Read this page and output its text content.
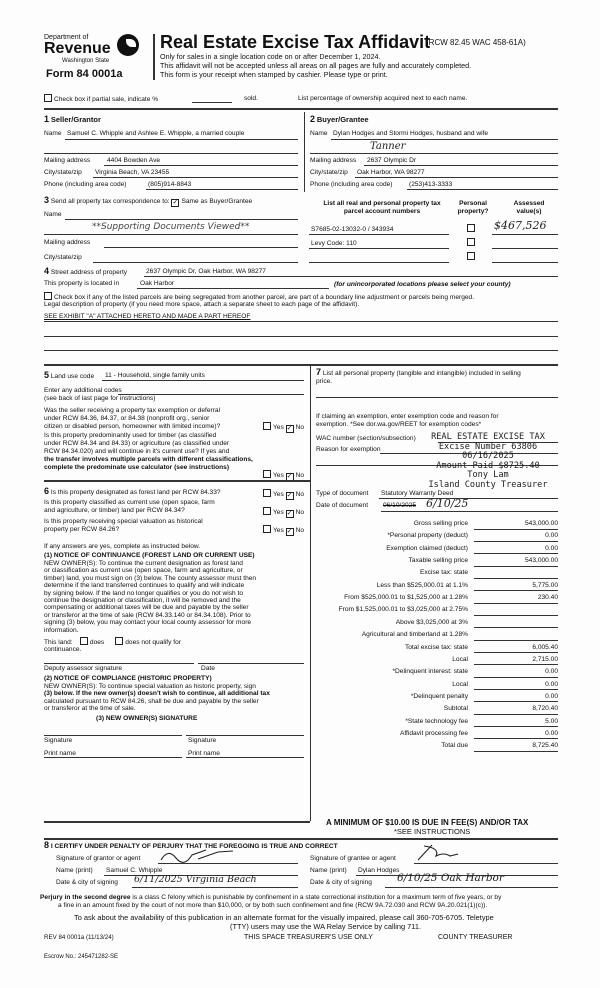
Department of
Revenue
Washington State
Form 84 0001a
Real Estate Excise Tax Affidavit
(RCW 82.45 WAC 458-61A)
Only for sales in a single location code on or after December 1, 2024.
This affidavit will not be accepted unless all areas on all pages are fully and accurately completed.
This form is your receipt when stamped by cashier. Please type or print.
Check box if partial sale, indicate %	sold.	List percentage of ownership acquired next to each name.
1 Seller/Grantor
Name Samuel C. Whipple and Ashlee E. Whipple, a married couple
Mailing address	4404 Bowden Ave
City/state/zip Virginia Beach, VA 23455
Phone (including area code)	(805)914-8843
2 Buyer/Grantee
Name Dylan Hodges and Stormi Hodges, husband and wife
Tanner
Mailing address 2637 Olympic Dr
City/state/zip Oak Harbor, WA 98277
Phone (including area code)	(253)413-3333
3 Send all property tax correspondence to: ✓ Same as Buyer/Grantee
Name
**Supporting Documents Viewed**
Mailing address
City/state/zip
List all real and personal property tax
parcel account numbers
Personal
property?
Assessed
value(s)
S7685-02-13032-0 / 343934	$467,526
Levy Code: 110
4 Street address of property	2637 Olympic Dr, Oak Harbor, WA 98277
This property is located in	Oak Harbor	(for unincorporated locations please select your county)
Check box if any of the listed parcels are being segregated from another parcel, are part of a boundary line adjustment or parcels being merged.
Legal description of property (if you need more space, attach a separate sheet to each page of the affidavit).
SEE EXHIBIT "A" ATTACHED HERETO AND MADE A PART HEREOF
5 Land use code 11 - Household, single family units
Enter any additional codes
(see back of last page for instructions)
Was the seller receiving a property tax exemption or deferral
under RCW 84.36, 84.37, or 84.38 (nonprofit org., senior
citizen or disabled person, homeowner with limited income)?	Yes ✓ No
Is this property predominantly used for timber (as classified
under RCW 84.34 and 84.33) or agriculture (as classified under
RCW 84.34.020) and will continue in it's current use? If yes and
the transfer involves multiple parcels with different classifications,
complete the predominate use calculator (see instructions)
Yes ✓ No
6 Is this property designated as forest land per RCW 84.33?	Yes ✓ No
Is this property classified as current use (open space, farm
and agriculture, or timber) land per RCW 84.34?	Yes ✓ No
Is this property receiving special valuation as historical
property per RCW 84.26?	Yes ✓ No
If any answers are yes, complete as instructed below.
(1) NOTICE OF CONTINUANCE (FOREST LAND OR CURRENT USE)
NEW OWNER(S): To continue the current designation as forest land
or classification as current use (open space, farm and agriculture, or
timber) land, you must sign on (3) below. The county assessor must then
determine if the land transferred continues to qualify and will indicate
by signing below. If the land no longer qualifies or you do not wish to
continue the designation or classification, it will be removed and the
compensating or additional taxes will be due and payable by the seller
or transferor at the time of sale (RCW 84.33.140 or 84.34.108). Prior to
signing (3) below, you may contact your local county assessor for more
information.
This land:	does	does not qualify for
continuance.
Deputy assessor signature	Date
(2) NOTICE OF COMPLIANCE (HISTORIC PROPERTY)
NEW OWNER(S): To continue special valuation as historic property, sign
(3) below. If the new owner(s) doesn't wish to continue, all additional tax
calculated pursuant to RCW 84.26, shall be due and payable by the seller
or transferor at the time of sale.
(3) NEW OWNER(S) SIGNATURE
Signature	Signature
Print name	Print name
7 List all personal property (tangible and intangible) included in selling
price.
If claiming an exemption, enter exemption code and reason for
exemption. *See dor.wa.gov/REET for exemption codes*
WAC number (section/subsection)
Reason for exemption
REAL ESTATE EXCISE TAX
Excise Number 63806
06/16/2025
Amount Paid $8725.40
Tony Lam
Island County Treasurer
Type of document Statutory Warranty Deed
Date of document 06/10/2025 6/10/25
A MINIMUM OF $10.00 IS DUE IN FEE(S) AND/OR TAX
*SEE INSTRUCTIONS
8 I CERTIFY UNDER PENALTY OF PERJURY THAT THE FOREGOING IS TRUE AND CORRECT
Signature of grantor or agent
Name (print) Samuel C. Whipple
Date & city of signing 6/11/2025 Virginia Beach
Signature of grantee or agent
Name (print) Dylan Hodges
Date & city of signing 6/10/25 Oak Harbor
Perjury in the second degree is a class C felony which is punishable by confinement in a state correctional institution for a maximum term of five years, or by
a fine in an amount fixed by the court of not more than $10,000, or by both such confinement and fine (RCW 9A.72.030 and RCW 9A.20.021(1)(c)).
To ask about the availability of this publication in an alternate format for the visually impaired, please call 360-705-6705. Teletype
(TTY) users may use the WA Relay Service by calling 711.
REV 84 0001a (11/13/24)	THIS SPACE TREASURER'S USE ONLY	COUNTY TREASURER
Escrow No.: 245471282-SE
Gross selling price	543,000.00
*Personal property (deduct)	0.00
Exemption claimed (deduct)	0.00
Taxable selling price	543,000.00
Excise tax: state
Less than $525,000.01 at 1.1%	5,775.00
From $525,000.01 to $1,525,000 at 1.28%	230.40
From $1,525,000.01 to $3,025,000 at 2.75%
Above $3,025,000 at 3%
Agricultural and timberland at 1.28%
Total excise tax: state	6,005.40
Local	2,715.00
*Delinquent interest: state	0.00
Local	0.00
*Delinquent penalty	0.00
Subtotal	8,720.40
*State technology fee	5.00
Affidavit processing fee	0.00
Total due	8,725.40
